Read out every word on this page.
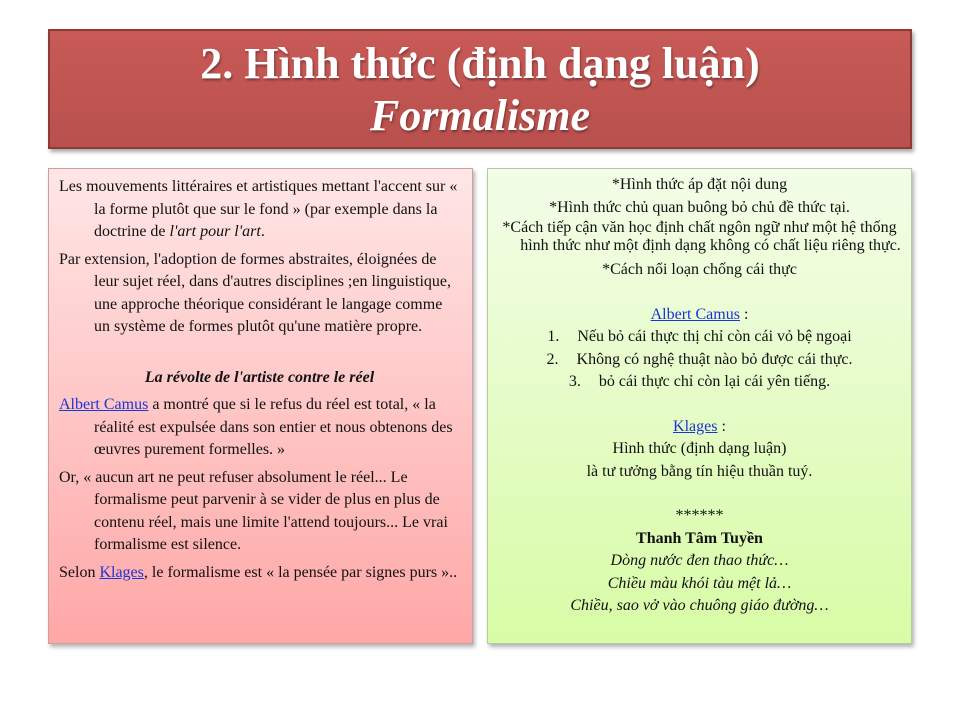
2. Hình thức (định dạng luận)
Formalisme

Les mouvements littéraires et artistiques mettant l'accent sur « la forme plutôt que sur le fond » (par exemple dans la doctrine de l'art pour l'art.

Par extension, l'adoption de formes abstraites, éloignées de leur sujet réel, dans d'autres disciplines ;en linguistique, une approche théorique considérant le langage comme un système de formes plutôt qu'une matière propre.

La révolte de l'artiste contre le réel

Albert Camus a montré que si le refus du réel est total, « la réalité est expulsée dans son entier et nous obtenons des œuvres purement formelles. »

Or, « aucun art ne peut refuser absolument le réel... Le formalisme peut parvenir à se vider de plus en plus de contenu réel, mais une limite l'attend toujours... Le vrai formalisme est silence.

Selon Klages, le formalisme est « la pensée par signes purs »..

*Hình thức áp đặt nội dung

*Hình thức chủ quan buông bỏ chủ đề thức tại.

*Cách tiếp cận văn học định chất ngôn ngữ như một hệ thống hình thức như một định dạng không có chất liệu riêng thực.

*Cách nổi loạn chống cái thực

Albert Camus :

1. Nếu bỏ cái thực thị chỉ còn cái vỏ bệ ngoại

2. Không có nghệ thuật nào bỏ được cái thực.

3. bỏ cái thực chỉ còn lại cái yên tiếng.

Klages :

Hình thức (định dạng luận)

là tư tưởng bằng tín hiệu thuần tuý.

******

Thanh Tâm Tuyền

Dòng nước đen thao thức…

Chiều màu khói tàu mệt lả…

Chiều, sao vở vào chuông giáo đường…
